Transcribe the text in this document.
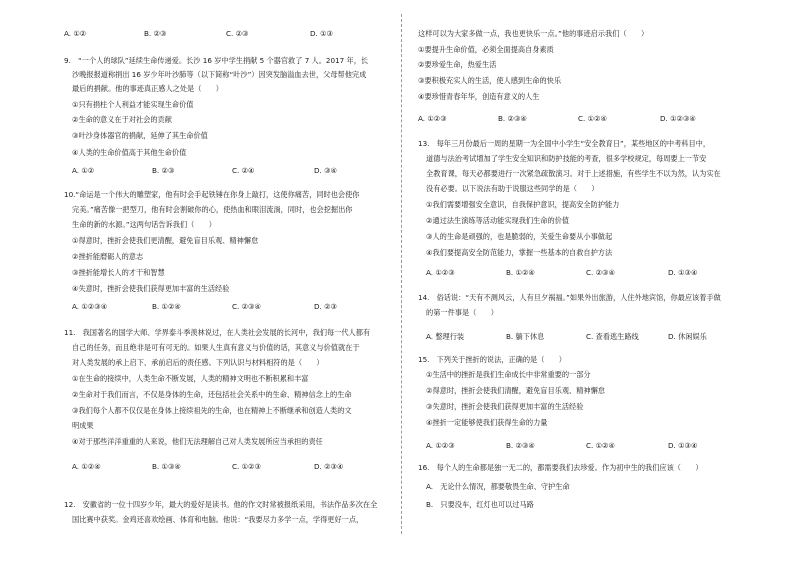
A. ①②	B. ②③	C. ②③	D. ①③
9.　“一个人的球队”延续生命传递爱。长沙 16 岁中学生捐献 5 个器官救了 7 人。2017 年，长
沙晚报报道称捐出 16 岁少年叶沙肺等（以下简称“叶沙”）因突发脑溢血去世，父母帮他完成
最后的捐献。他的事迹真正感人之处是（　　）
①只有捐柱个人利益才能实现生命价值
②生命的意义在于对社会的贡献
③叶沙身体器官的捐献，延伸了其生命价值
④人类的生命价值高于其他生命价值
A. ①②	B. ②③	C. ②④	D. ③④
10.“命运是一个伟大的雕塑家，他有时会手起铁锤在你身上敲打，这使你痛苦，同时也会使你
完美。”痛苦像一把型刀，他有时会割破你的心，使热血和眼泪流淌，同时，也会挖掘出你
生命的新的水源。”这两句话告诉我们（　　）
①得意时，挫折会使我们更清醒，避免盲目乐观、精神懈怠
②挫折能磨砺人的意志
③挫折能增长人的才干和智慧
④失意时，挫折会使我们获得更加丰富的生活经验
A. ①②③④	B. ①②④	C. ②③④	D. ②③
11.　我国著名的国学大师、学界泰斗季羡林说过，在人类社会发展的长河中，我们每一代人都有
自己的任务，而且绝非是可有可无的。如果人生真有意义与价值的话，其意义与价值就在于
对人类发展的承上启下、承前启后的责任感。下列认识与材料相符的是（　　）
①在生命的接续中，人类生命不断发展，人类的精神文明也不断积累和丰富
②生命对于我们而言，不仅是身体的生命，还包括社会关系中的生命、精神信念上的生命
③我们每个人都不仅仅是在身体上接续祖先的生命，也在精神上不断继承和创造人类的文
明成果
④对于那些洋洋重重的人来说，他们无法理解自己对人类发展所应当承担的责任
A. ①②④	B. ①③④	C. ①②③	D. ②③④
12.　安徽省的一位十四岁少年，最大的爱好是读书。他的作文时常被报纸采用，书法作品多次在全
国比赛中获奖。金鸡还喜欢绘画、体育和电脑。他说：“我要尽力多学一点，学得更好一点，
这样可以为大家多做一点，我也更快乐一点。”他的事迹启示我们（　　）
①要提升生命价值，必须全面提高自身素质
②要珍爱生命，热爱生活
③要积极充实人的生活，使人感到生命的快乐
④要珍惜青春年华，创造有意义的人生
A. ①②③	B. ②③④	C. ①②④	D. ①②③④
13.　每年三月份最后一周的星期一为全国中小学生“安全教育日”，某些地区的中考科目中，
道德与法治考试增加了学生安全知识和防护技能的考查，很多学校规定，每周要上一节安
全教育课，每天必都要进行一次紧急疏散演习。对于上述措施，有些学生不以为然，认为实在
没有必要。以下说法有助于说服这些同学的是（　　）
①我们需要增强安全意识，自我保护意识，提高安全防护能力
②通过法生演练等活动能实现我们生命的价值
③人的生命是顽强的，也是脆弱的，关爱生命要从小事做起
④我们要提高安全防范能力，掌握一些基本的自救自护方法
A. ①②③	B. ①②④	C. ②③④	D. ①③④
14.　俗话说：“天有不测风云，人有旦夕祸福。”如果外出旅游，人住外地宾馆，你最应该着手做
的第一件事是（　　）
A. 整理行装	B. 躺下休息	C. 查看逃生路线	D. 休闲娱乐
15.　下列关于挫折的说法，正确的是（　　）
①生活中的挫折是我们生命成长中非常重要的一部分
②得意时，挫折会使我们清醒，避免盲目乐观、精神懈怠
③失意时，挫折会使我们获得更加丰富的生活经验
④挫折一定能够使我们获得生命的力量
A. ①②③	B. ②③④	C. ①②④	D. ①③④
16.　每个人的生命都是独一无二的，都需要我们去珍爱。作为初中生的我们应该（　　）
A.　无论什么情况，都要敬畏生命、守护生命
B.　只要没车，红灯也可以过马路
